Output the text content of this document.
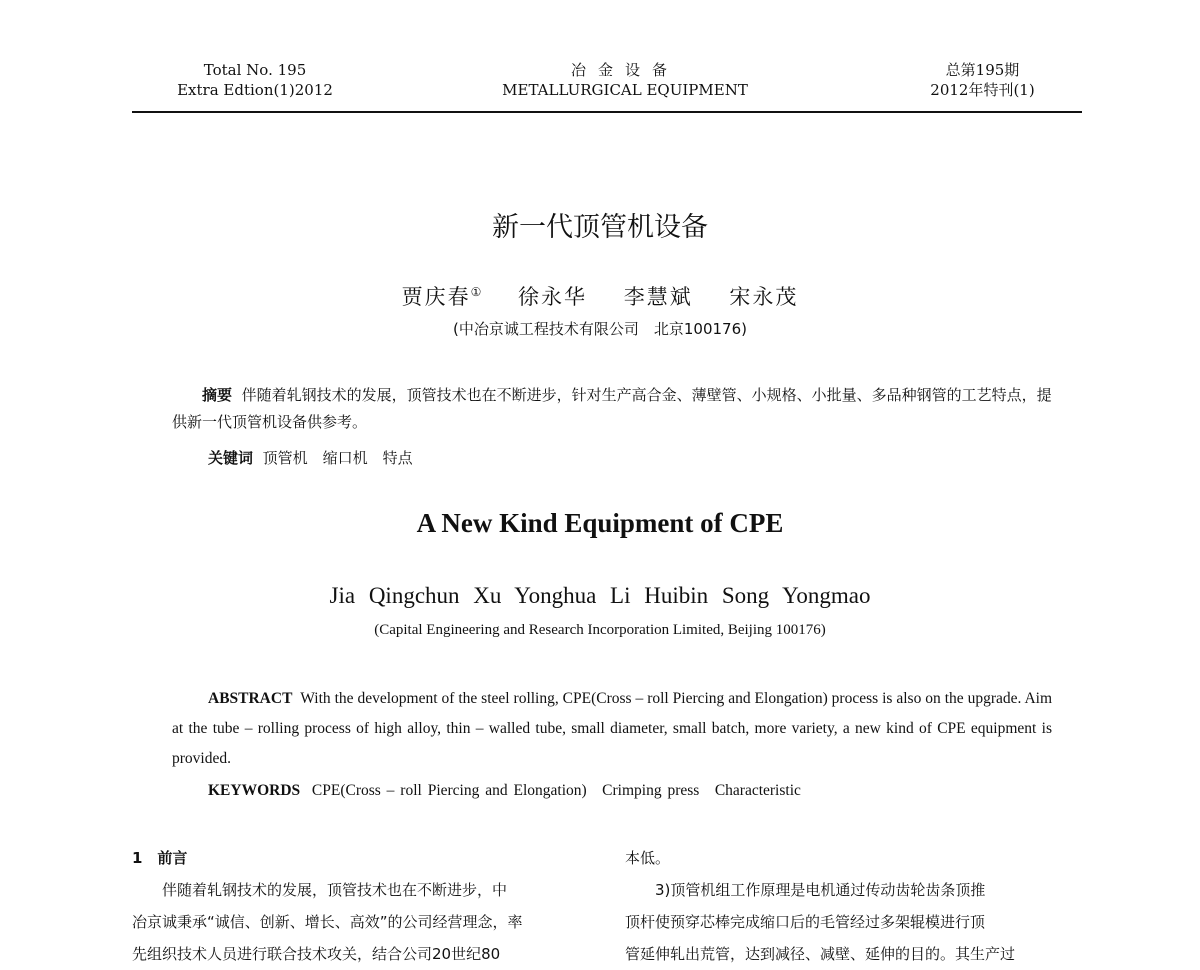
Total No. 195
Extra Edtion(1)2012
冶金设备
METALLURGICAL EQUIPMENT
总第195期
2012年特刊(1)
新一代顶管机设备
贾庆春① 徐永华 李慧斌 宋永茂
(中冶京诚工程技术有限公司　北京100176)
摘要 伴随着轧钢技术的发展，顶管技术也在不断进步，针对生产高合金、薄壁管、小规格、小批量、多品种钢管的工艺特点，提供新一代顶管机设备供参考。
关键词 顶管机　缩口机　特点
A New Kind Equipment of CPE
Jia Qingchun Xu Yonghua Li Huibin Song Yongmao
(Capital Engineering and Research Incorporation Limited, Beijing 100176)
ABSTRACT With the development of the steel rolling, CPE(Cross – roll Piercing and Elongation) process is also on the upgrade. Aim at the tube – rolling process of high alloy, thin – walled tube, small diameter, small batch, more variety, a new kind of CPE equipment is provided.
KEYWORDS CPE(Cross – roll Piercing and Elongation)　Crimping press　Characteristic
1　前言
伴随着轧钢技术的发展，顶管技术也在不断进步，中
冶京诚秉承“诚信、创新、增长、高效”的公司经营理念，率
先组织技术人员进行联合技术攻关，结合公司20世纪80
本低。
3)顶管机组工作原理是电机通过传动齿轮齿条顶推
顶杆使预穿芯棒完成缩口后的毛管经过多架辊模进行顶
管延伸轧出荒管，达到减径、减壁、延伸的目的。其生产过
